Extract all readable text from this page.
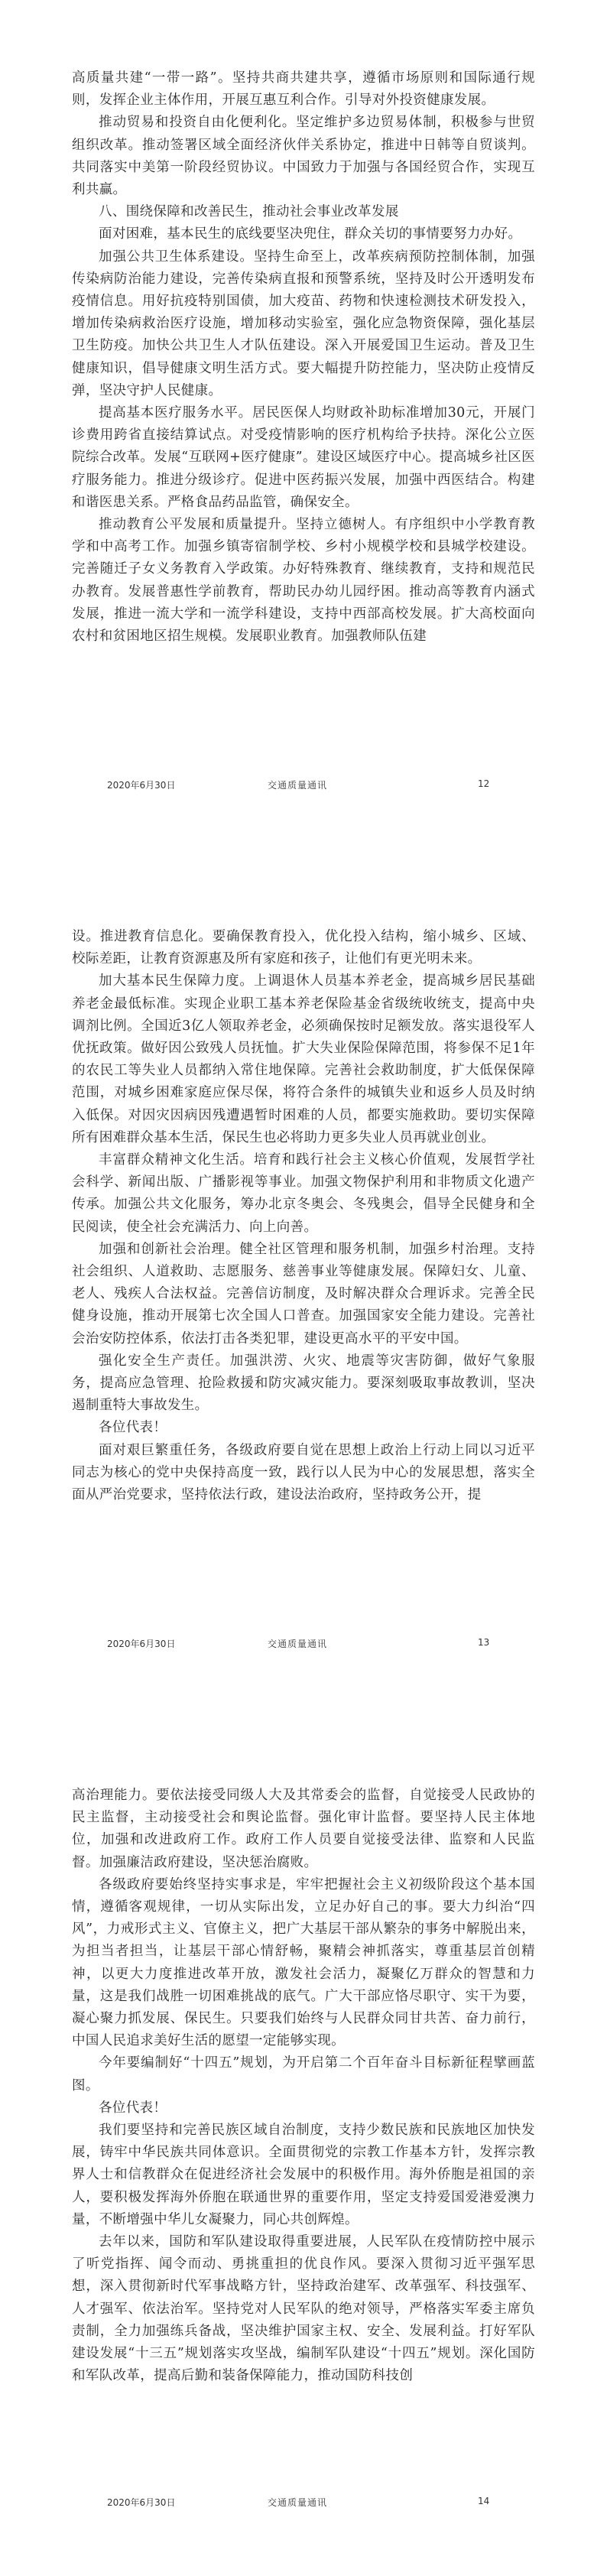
高质量共建“一带一路”。坚持共商共建共享，遵循市场原则和国际通行规则，发挥企业主体作用，开展互惠互利合作。引导对外投资健康发展。

推动贸易和投资自由化便利化。坚定维护多边贸易体制，积极参与世贸组织改革。推动签署区域全面经济伙伴关系协定，推进中日韩等自贸谈判。共同落实中美第一阶段经贸协议。中国致力于加强与各国经贸合作，实现互利共赢。

八、围绕保障和改善民生，推动社会事业改革发展

面对困难，基本民生的底线要坚决兜住，群众关切的事情要努力办好。

加强公共卫生体系建设。坚持生命至上，改革疾病预防控制体制，加强传染病防治能力建设，完善传染病直报和预警系统，坚持及时公开透明发布疫情信息。用好抗疫特别国债，加大疫苗、药物和快速检测技术研发投入，增加传染病救治医疗设施，增加移动实验室，强化应急物资保障，强化基层卫生防疫。加快公共卫生人才队伍建设。深入开展爱国卫生运动。普及卫生健康知识，倡导健康文明生活方式。要大幅提升防控能力，坚决防止疫情反弹，坚决守护人民健康。

提高基本医疗服务水平。居民医保人均财政补助标准增加30元，开展门诊费用跨省直接结算试点。对受疫情影响的医疗机构给予扶持。深化公立医院综合改革。发展“互联网+医疗健康”。建设区域医疗中心。提高城乡社区医疗服务能力。推进分级诊疗。促进中医药振兴发展，加强中西医结合。构建和谐医患关系。严格食品药品监管，确保安全。

推动教育公平发展和质量提升。坚持立德树人。有序组织中小学教育教学和中高考工作。加强乡镇寄宿制学校、乡村小规模学校和县城学校建设。完善随迁子女义务教育入学政策。办好特殊教育、继续教育，支持和规范民办教育。发展普惠性学前教育，帮助民办幼儿园纾困。推动高等教育内涵式发展，推进一流大学和一流学科建设，支持中西部高校发展。扩大高校面向农村和贫困地区招生规模。发展职业教育。加强教师队伍建

2020年6月30日	交通质量通讯	12

设。推进教育信息化。要确保教育投入，优化投入结构，缩小城乡、区域、校际差距，让教育资源惠及所有家庭和孩子，让他们有更光明未来。

加大基本民生保障力度。上调退休人员基本养老金，提高城乡居民基础养老金最低标准。实现企业职工基本养老保险基金省级统收统支，提高中央调剂比例。全国近3亿人领取养老金，必须确保按时足额发放。落实退役军人优抚政策。做好因公致残人员抚恤。扩大失业保险保障范围，将参保不足1年的农民工等失业人员都纳入常住地保障。完善社会救助制度，扩大低保保障范围，对城乡困难家庭应保尽保，将符合条件的城镇失业和返乡人员及时纳入低保。对因灾因病因残遭遇暂时困难的人员，都要实施救助。要切实保障所有困难群众基本生活，保民生也必将助力更多失业人员再就业创业。

丰富群众精神文化生活。培育和践行社会主义核心价值观，发展哲学社会科学、新闻出版、广播影视等事业。加强文物保护利用和非物质文化遗产传承。加强公共文化服务，筹办北京冬奥会、冬残奥会，倡导全民健身和全民阅读，使全社会充满活力、向上向善。

加强和创新社会治理。健全社区管理和服务机制，加强乡村治理。支持社会组织、人道救助、志愿服务、慈善事业等健康发展。保障妇女、儿童、老人、残疾人合法权益。完善信访制度，及时解决群众合理诉求。完善全民健身设施，推动开展第七次全国人口普查。加强国家安全能力建设。完善社会治安防控体系，依法打击各类犯罪，建设更高水平的平安中国。

强化安全生产责任。加强洪涝、火灾、地震等灾害防御，做好气象服务，提高应急管理、抢险救援和防灾减灾能力。要深刻吸取事故教训，坚决遏制重特大事故发生。

各位代表！

面对艰巨繁重任务，各级政府要自觉在思想上政治上行动上同以习近平同志为核心的党中央保持高度一致，践行以人民为中心的发展思想，落实全面从严治党要求，坚持依法行政，建设法治政府，坚持政务公开，提

2020年6月30日	交通质量通讯	13

高治理能力。要依法接受同级人大及其常委会的监督，自觉接受人民政协的民主监督，主动接受社会和舆论监督。强化审计监督。要坚持人民主体地位，加强和改进政府工作。政府工作人员要自觉接受法律、监察和人民监督。加强廉洁政府建设，坚决惩治腐败。

各级政府要始终坚持实事求是，牢牢把握社会主义初级阶段这个基本国情，遵循客观规律，一切从实际出发，立足办好自己的事。要大力纠治“四风”，力戒形式主义、官僚主义，把广大基层干部从繁杂的事务中解脱出来，为担当者担当，让基层干部心情舒畅，聚精会神抓落实，尊重基层首创精神，以更大力度推进改革开放，激发社会活力，凝聚亿万群众的智慧和力量，这是我们战胜一切困难挑战的底气。广大干部应恪尽职守、实干为要，凝心聚力抓发展、保民生。只要我们始终与人民群众同甘共苦、奋力前行，中国人民追求美好生活的愿望一定能够实现。

今年要编制好“十四五”规划，为开启第二个百年奋斗目标新征程擘画蓝图。

各位代表！

我们要坚持和完善民族区域自治制度，支持少数民族和民族地区加快发展，铸牢中华民族共同体意识。全面贯彻党的宗教工作基本方针，发挥宗教界人士和信教群众在促进经济社会发展中的积极作用。海外侨胞是祖国的亲人，要积极发挥海外侨胞在联通世界的重要作用，坚定支持爱国爱港爱澳力量，不断增强中华儿女凝聚力，同心共创辉煌。

去年以来，国防和军队建设取得重要进展，人民军队在疫情防控中展示了听党指挥、闻令而动、勇挑重担的优良作风。要深入贯彻习近平强军思想，深入贯彻新时代军事战略方针，坚持政治建军、改革强军、科技强军、人才强军、依法治军。坚持党对人民军队的绝对领导，严格落实军委主席负责制，全力加强练兵备战，坚决维护国家主权、安全、发展利益。打好军队建设发展“十三五”规划落实攻坚战，编制军队建设“十四五”规划。深化国防和军队改革，提高后勤和装备保障能力，推动国防科技创

2020年6月30日	交通质量通讯	14
